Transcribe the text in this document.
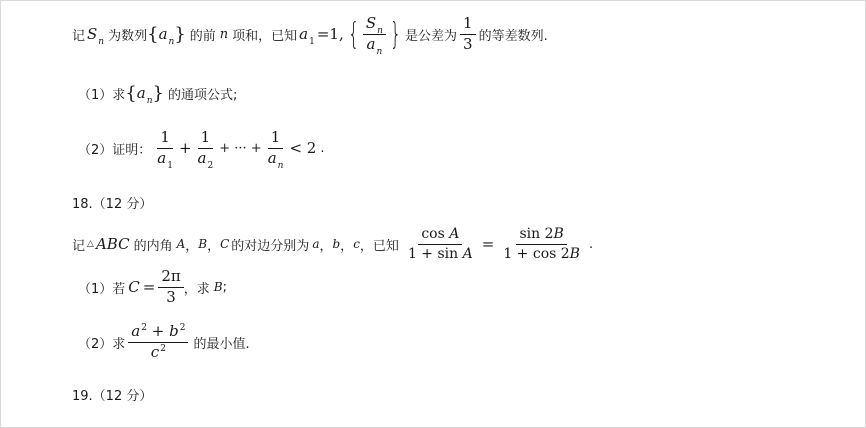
记 $S_n$ 为数列 { $a_n$ } 的前 n 项和，已知 $a_1 =1$, { $\frac{S_n}{a_n}$ } 是公差为 $\frac{1}{3}$ 的等差数列.
（1）求 { $a_n$ } 的通项公式;
（2）证明： $\frac{1}{a_1} + \frac{1}{a_2}$ + ··· + $\frac{1}{a_n} < 2$ .
18.（12 分）
记 △ ABC 的内角 A ， B ， C 的对边分别为 a ， b ， c ，已知 $\frac{\text{cos A}}{\text{1 + sin A}} = \frac{\sin 2B}{1 + \cos 2B}$ .
（1）若 $C = \frac{2\pi}{3}$ ，求 B ;
（2）求 $\frac{a^2 + b^2}{c^2}$ 的最小值.
19.（12 分）
